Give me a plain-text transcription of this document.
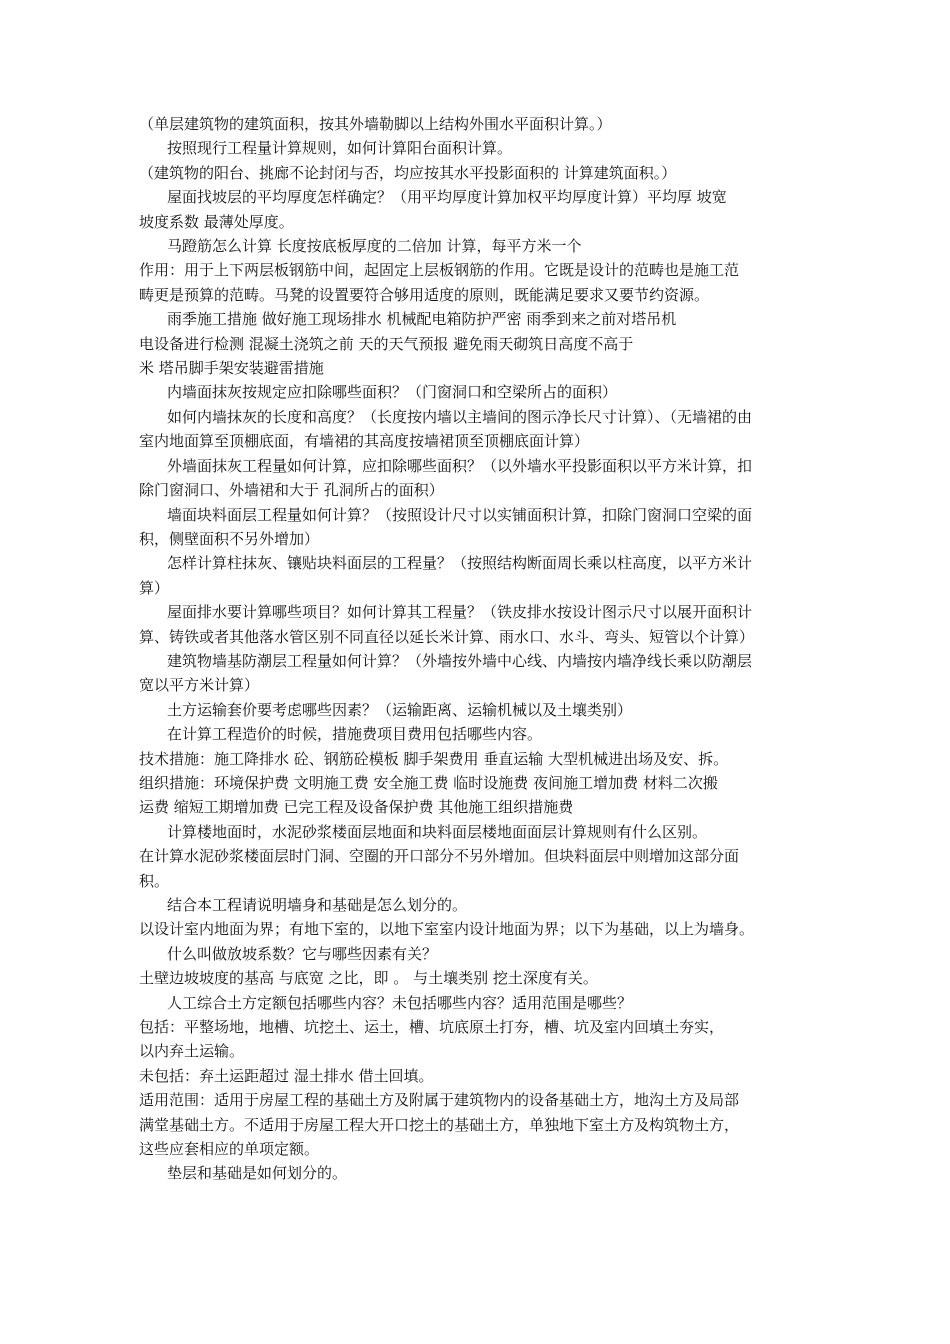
（单层建筑物的建筑面积，按其外墙勒脚以上结构外围水平面积计算。）
按照现行工程量计算规则，如何计算阳台面积计算。
（建筑物的阳台、挑廊不论封闭与否，均应按其水平投影面积的 计算建筑面积。）
屋面找坡层的平均厚度怎样确定？（用平均厚度计算加权平均厚度计算）平均厚 坡宽
坡度系数 最薄处厚度。
马蹬筋怎么计算 长度按底板厚度的二倍加 计算，每平方米一个
作用：用于上下两层板钢筋中间，起固定上层板钢筋的作用。它既是设计的范畴也是施工范
畴更是预算的范畴。马凳的设置要符合够用适度的原则，既能满足要求又要节约资源。
雨季施工措施 做好施工现场排水 机械配电箱防护严密 雨季到来之前对塔吊机
电设备进行检测 混凝土浇筑之前 天的天气预报 避免雨天砌筑日高度不高于
米 塔吊脚手架安装避雷措施
内墙面抹灰按规定应扣除哪些面积？（门窗洞口和空梁所占的面积）
如何内墙抹灰的长度和高度？（长度按内墙以主墙间的图示净长尺寸计算）、（无墙裙的由
室内地面算至顶棚底面，有墙裙的其高度按墙裙顶至顶棚底面计算）
外墙面抹灰工程量如何计算，应扣除哪些面积？（以外墙水平投影面积以平方米计算，扣
除门窗洞口、外墙裙和大于 孔洞所占的面积）
墙面块料面层工程量如何计算？（按照设计尺寸以实铺面积计算，扣除门窗洞口空梁的面
积，侧壁面积不另外增加）
怎样计算柱抹灰、镶贴块料面层的工程量？（按照结构断面周长乘以柱高度，以平方米计
算）
屋面排水要计算哪些项目？如何计算其工程量？（铁皮排水按设计图示尺寸以展开面积计
算、铸铁或者其他落水管区别不同直径以延长米计算、雨水口、水斗、弯头、短管以个计算）
建筑物墙基防潮层工程量如何计算？（外墙按外墙中心线、内墙按内墙净线长乘以防潮层
宽以平方米计算）
土方运输套价要考虑哪些因素？（运输距离、运输机械以及土壤类别）
在计算工程造价的时候，措施费项目费用包括哪些内容。
技术措施：施工降排水 砼、钢筋砼模板 脚手架费用 垂直运输 大型机械进出场及安、拆。
组织措施：环境保护费 文明施工费 安全施工费 临时设施费 夜间施工增加费 材料二次搬
运费 缩短工期增加费 已完工程及设备保护费 其他施工组织措施费
计算楼地面时，水泥砂浆楼面层地面和块料面层楼地面面层计算规则有什么区别。
在计算水泥砂浆楼面层时门洞、空圈的开口部分不另外增加。但块料面层中则增加这部分面
积。
结合本工程请说明墙身和基础是怎么划分的。
以设计室内地面为界；有地下室的，以地下室室内设计地面为界；以下为基础，以上为墙身。
什么叫做放坡系数？它与哪些因素有关？
土壁边坡坡度的基高 与底宽 之比，即 。 与土壤类别 挖土深度有关。
人工综合土方定额包括哪些内容？未包括哪些内容？适用范围是哪些？
包括：平整场地，地槽、坑挖土、运土，槽、坑底原土打夯，槽、坑及室内回填土夯实，
以内弃土运输。
未包括：弃土运距超过 湿土排水 借土回填。
适用范围：适用于房屋工程的基础土方及附属于建筑物内的设备基础土方，地沟土方及局部
满堂基础土方。不适用于房屋工程大开口挖土的基础土方，单独地下室土方及构筑物土方，
这些应套相应的单项定额。
垫层和基础是如何划分的。
